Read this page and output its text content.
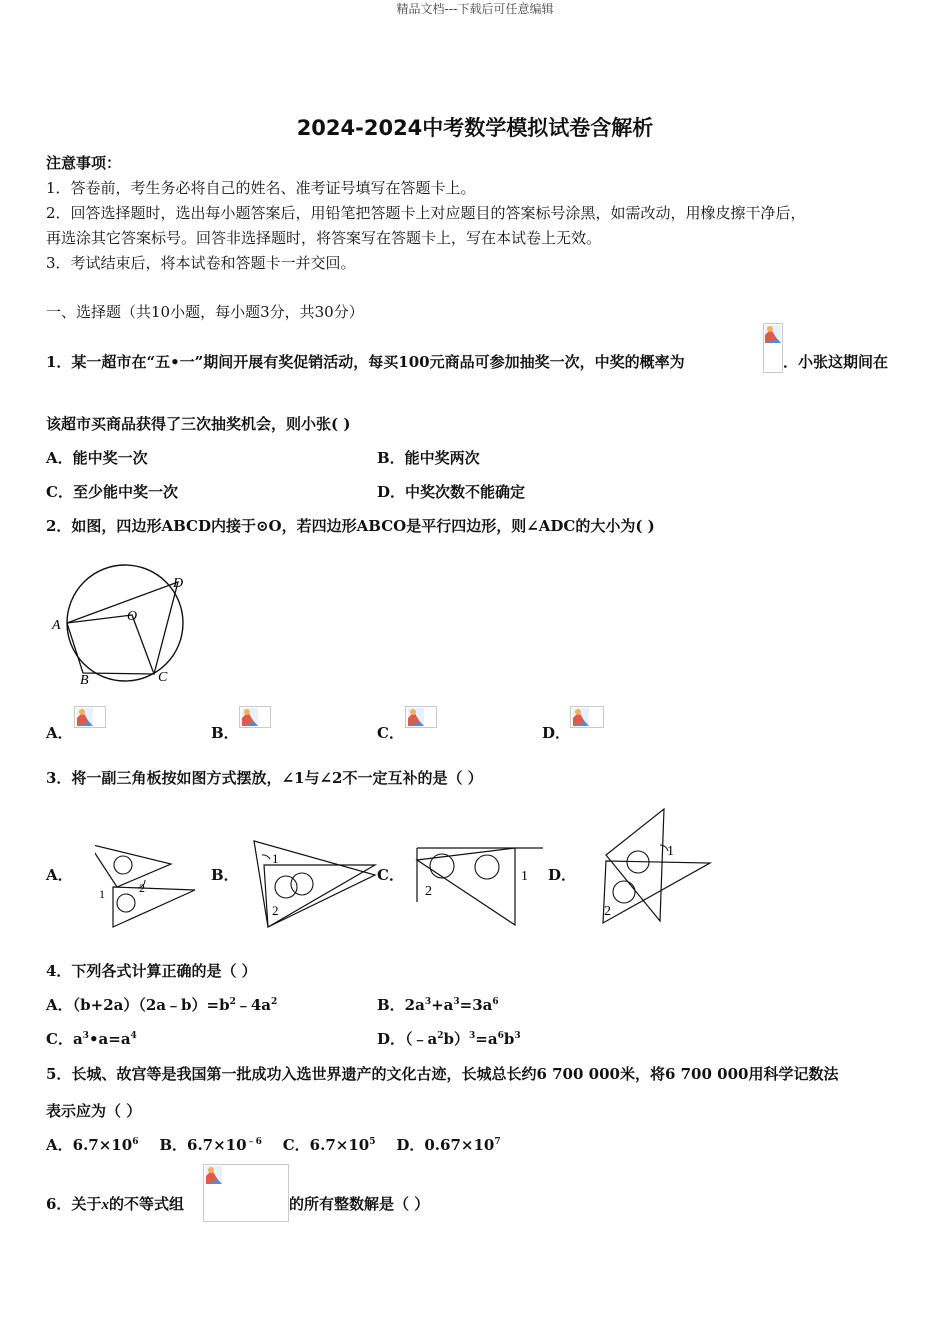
精品文档---下载后可任意编辑
2024-2024中考数学模拟试卷含解析
注意事项：
1．答卷前，考生务必将自己的姓名、准考证号填写在答题卡上。
2．回答选择题时，选出每小题答案后，用铅笔把答题卡上对应题目的答案标号涂黑，如需改动，用橡皮擦干净后，
再选涂其它答案标号。回答非选择题时，将答案写在答题卡上，写在本试卷上无效。
3．考试结束后，将本试卷和答题卡一并交回。
一、选择题（共10小题，每小题3分，共30分）
1．某一超市在“五•一”期间开展有奖促销活动，每买100元商品可参加抽奖一次，中奖的概率为	．小张这期间在
该超市买商品获得了三次抽奖机会，则小张( )
A．能中奖一次	B．能中奖两次
C．至少能中奖一次	D．中奖次数不能确定
2．如图，四边形ABCD内接于⊙O，若四边形ABCO是平行四边形，则∠ADC的大小为( )
A
B	C
D
O
A．	B．	C．	D．
3．将一副三角板按如图方式摆放，∠1与∠2不一定互补的是（ ）
A．
1	2
B．
1
2
C．	1
2
D．
1
2
4．下列各式计算正确的是（ ）
A．$(b+2a)(2a﹣b)=b^2﹣4a^2$	B．$2a^3+a^3=3a^6$
C．$a^3•a=a^4$	D．$(﹣a^2b)^3=a^6b^3$
5．长城、故宫等是我国第一批成功入选世界遗产的文化古迹，长城总长约6 700 000米，将6 700 000用科学记数法
表示应为（ ）
A．$6.7\times 10^6$ B．$6.7\times 10^{﹣6}$ C．$6.7\times 10^5$ D．$0.67\times 10^7$
6．关于x的不等式组	的所有整数解是（ ）
